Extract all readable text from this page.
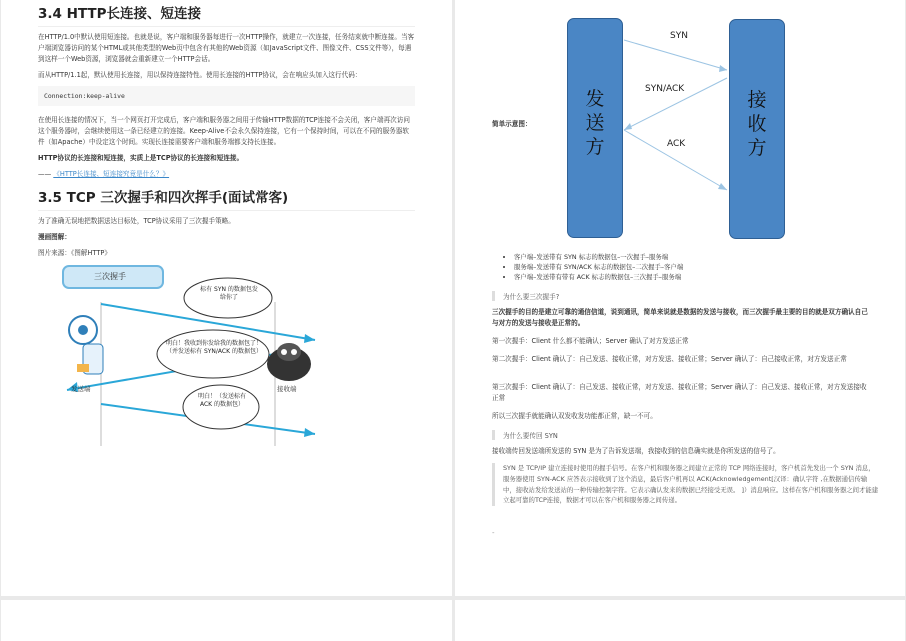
3.4 HTTP长连接、短连接

在HTTP/1.0中默认使用短连接。也就是说，客户端和服务器每进行一次HTTP操作，就建立一次连接，任务结束就中断连接。当客户端浏览器访问的某个HTML或其他类型的Web页中包含有其他的Web资源（如JavaScript文件、图像文件、CSS文件等），每遇到这样一个Web资源，浏览器就会重新建立一个HTTP会话。

而从HTTP/1.1起，默认使用长连接，用以保持连接特性。使用长连接的HTTP协议，会在响应头加入这行代码：

Connection:keep-alive

在使用长连接的情况下，当一个网页打开完成后，客户端和服务器之间用于传输HTTP数据的TCP连接不会关闭，客户端再次访问这个服务器时，会继续使用这一条已经建立的连接。Keep-Alive不会永久保持连接，它有一个保持时间，可以在不同的服务器软件（如Apache）中设定这个时间。实现长连接需要客户端和服务端都支持长连接。

HTTP协议的长连接和短连接，实质上是TCP协议的长连接和短连接。

—— 《HTTP长连接、短连接究竟是什么？》

3.5 TCP 三次握手和四次挥手(面试常客)

为了准确无误地把数据送达目标处，TCP协议采用了三次握手策略。

漫画图解：

图片来源：《图解HTTP》

三次握手
标有 SYN 的数据包发给你了
明白！我收到你发给我的数据包了！（并发送标有 SYN/ACK 的数据包）
明白！（发送标有 ACK 的数据包）
发送端	接收端
简单示意图：
发送方
接收方
SYN
SYN/ACK
ACK
• 客户端–发送带有 SYN 标志的数据包–一次握手–服务端
• 服务端–发送带有 SYN/ACK 标志的数据包–二次握手–客户端
• 客户端–发送带有带有 ACK 标志的数据包–三次握手–服务端
为什么要三次握手?
三次握手的目的是建立可靠的通信信道，说到通讯，简单来说就是数据的发送与接收，而三次握手最主要的目的就是双方确认自己与对方的发送与接收是正常的。
第一次握手：Client 什么都不能确认；Server 确认了对方发送正常
第二次握手：Client 确认了：自己发送、接收正常，对方发送、接收正常；Server 确认了：自己接收正常，对方发送正常
第三次握手：Client 确认了：自己发送、接收正常，对方发送、接收正常；Server 确认了：自己发送、接收正常，对方发送接收正常
所以三次握手就能确认双发收发功能都正常，缺一不可。
为什么要传回 SYN
接收端传回发送端所发送的 SYN 是为了告诉发送端，我接收到的信息确实就是你所发送的信号了。
SYN 是 TCP/IP 建立连接时使用的握手信号。在客户机和服务器之间建立正常的 TCP 网络连接时，客户机首先发出一个 SYN 消息，服务器使用 SYN-ACK 应答表示接收到了这个消息，最后客户机再以 ACK(Acknowledgement[汉译：确认字符 ,在数据通信传输中，接收站发给发送站的一种传输控制字符。它表示确认发来的数据已经接受无误。 ]）消息响应。这样在客户机和服务器之间才能建立起可靠的TCP连接，数据才可以在客户机和服务器之间传递。
-
